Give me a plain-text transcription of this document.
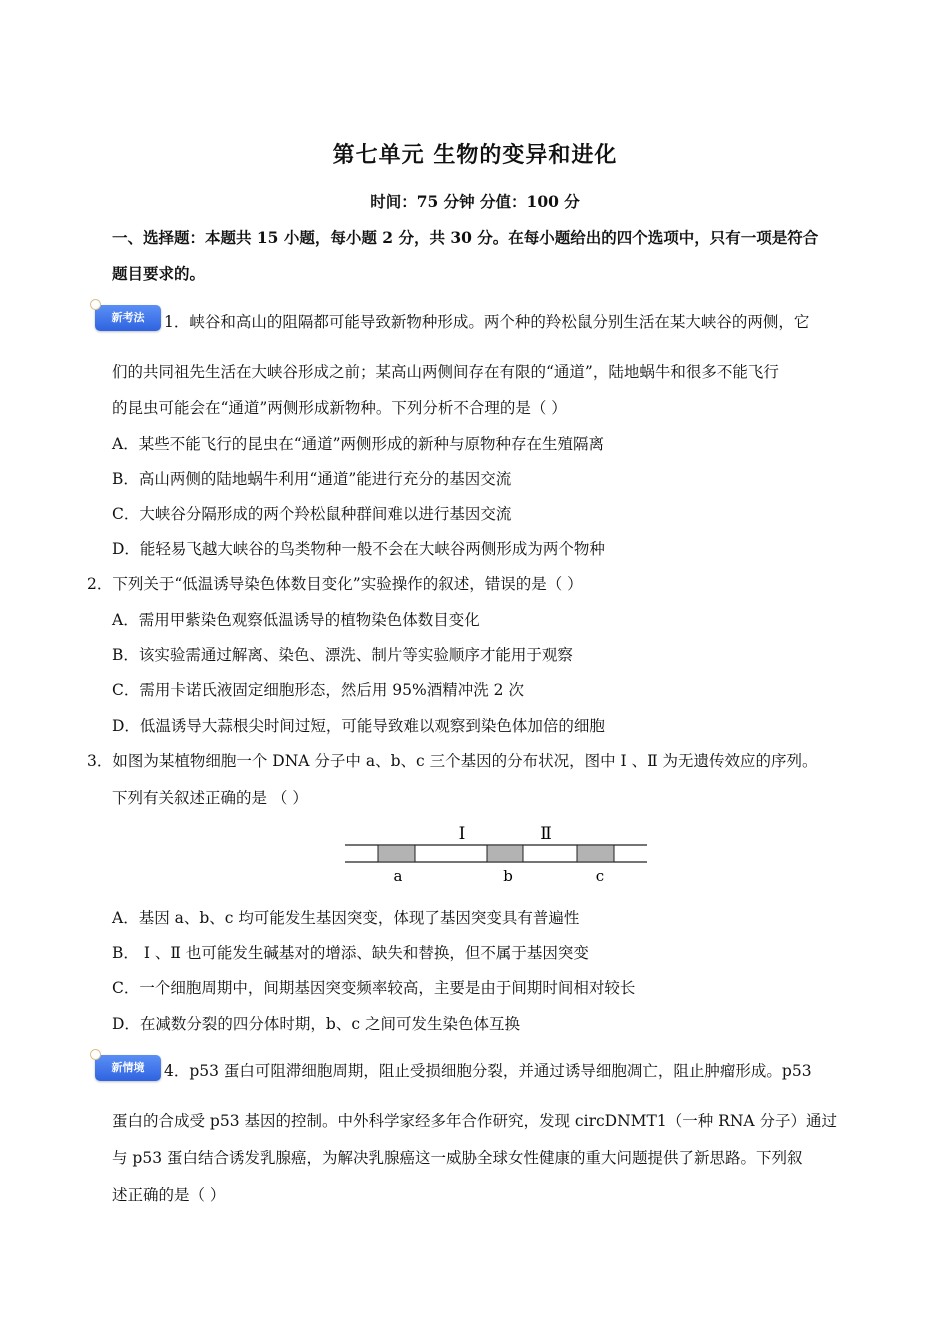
第七单元 生物的变异和进化
时间：75 分钟 分值：100 分
一、选择题：本题共 15 小题，每小题 2 分，共 30 分。在每小题给出的四个选项中，只有一项是符合
题目要求的。
新考法	1．峡谷和高山的阻隔都可能导致新物种形成。两个种的羚松鼠分别生活在某大峡谷的两侧，它
们的共同祖先生活在大峡谷形成之前；某高山两侧间存在有限的“通道”，陆地蜗牛和很多不能飞行
的昆虫可能会在“通道”两侧形成新物种。下列分析不合理的是（ ）
A．某些不能飞行的昆虫在“通道”两侧形成的新种与原物种存在生殖隔离
B．高山两侧的陆地蜗牛利用“通道”能进行充分的基因交流
C．大峡谷分隔形成的两个羚松鼠种群间难以进行基因交流
D．能轻易飞越大峡谷的鸟类物种一般不会在大峡谷两侧形成为两个物种
2．下列关于“低温诱导染色体数目变化”实验操作的叙述，错误的是（ ）
A．需用甲紫染色观察低温诱导的植物染色体数目变化
B．该实验需通过解离、染色、漂洗、制片等实验顺序才能用于观察
C．需用卡诺氏液固定细胞形态，然后用 95%酒精冲洗 2 次
D．低温诱导大蒜根尖时间过短，可能导致难以观察到染色体加倍的细胞
3．如图为某植物细胞一个 DNA 分子中 a、b、c 三个基因的分布状况，图中 Ⅰ 、Ⅱ 为无遗传效应的序列。
下列有关叙述正确的是 （ ）
Ⅰ	Ⅱ
a	b	c
A．基因 a、b、c 均可能发生基因突变，体现了基因突变具有普遍性
B． Ⅰ 、Ⅱ 也可能发生碱基对的增添、缺失和替换，但不属于基因突变
C．一个细胞周期中，间期基因突变频率较高，主要是由于间期时间相对较长
D．在减数分裂的四分体时期，b、c 之间可发生染色体互换
新情境	4．p53 蛋白可阻滞细胞周期，阻止受损细胞分裂，并通过诱导细胞凋亡，阻止肿瘤形成。p53
蛋白的合成受 p53 基因的控制。中外科学家经多年合作研究，发现 circDNMT1（一种 RNA 分子）通过
与 p53 蛋白结合诱发乳腺癌，为解决乳腺癌这一威胁全球女性健康的重大问题提供了新思路。下列叙
述正确的是（ ）
